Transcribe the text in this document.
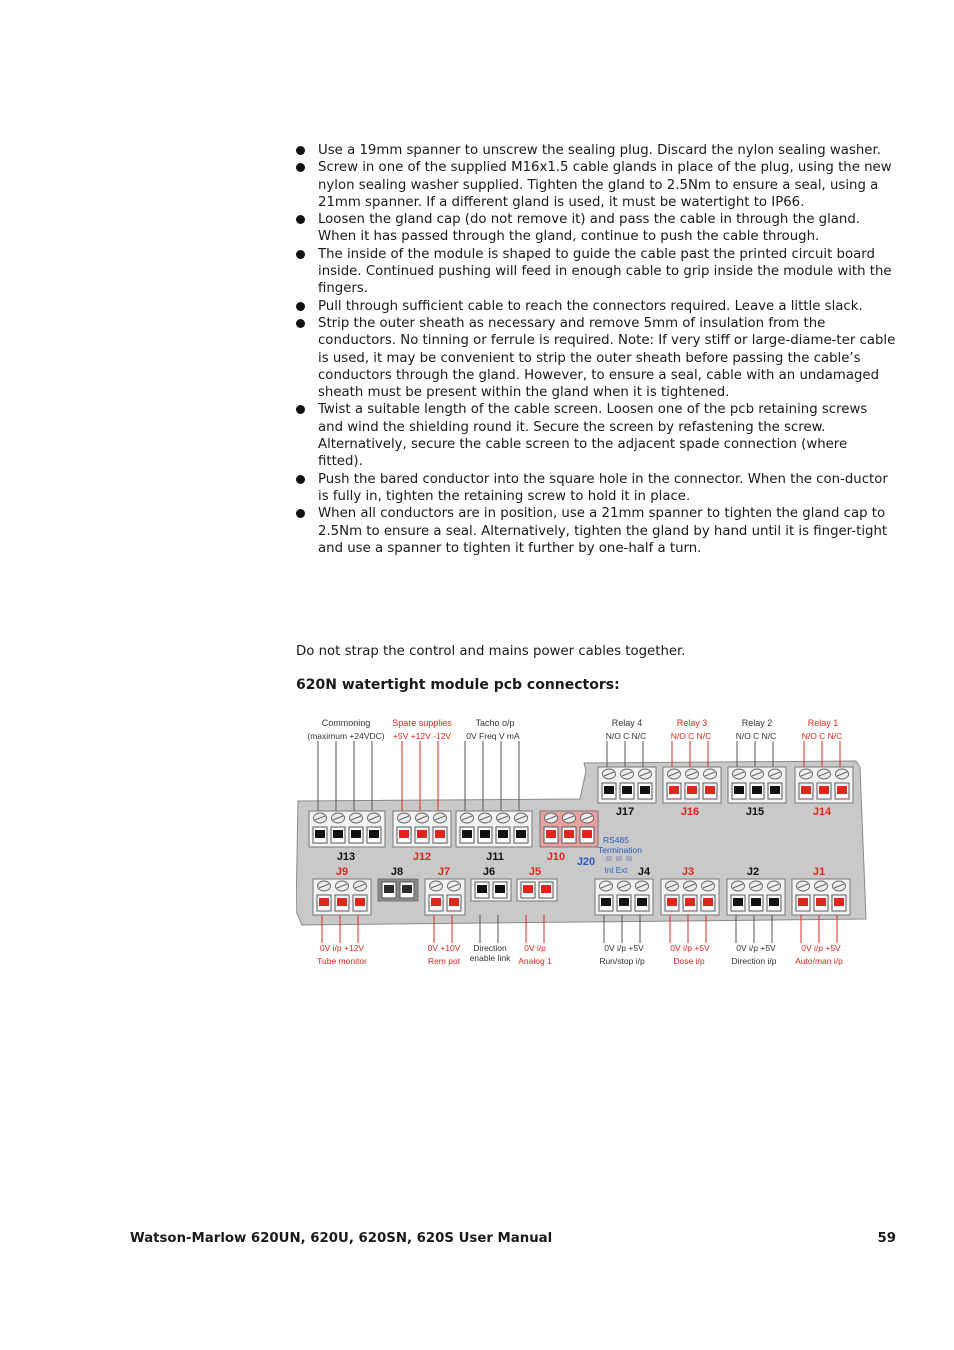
Use a 19mm spanner to unscrew the sealing plug. Discard the nylon sealing washer.
Screw in one of the supplied M16x1.5 cable glands in place of the plug, using the new nylon sealing washer supplied. Tighten the gland to 2.5Nm to ensure a seal, using a 21mm spanner. If a different gland is used, it must be watertight to IP66.
Loosen the gland cap (do not remove it) and pass the cable in through the gland. When it has passed through the gland, continue to push the cable through.
The inside of the module is shaped to guide the cable past the printed circuit board inside. Continued pushing will feed in enough cable to grip inside the module with the fingers.
Pull through sufficient cable to reach the connectors required. Leave a little slack.
Strip the outer sheath as necessary and remove 5mm of insulation from the conductors. No tinning or ferrule is required. Note: If very stiff or large-diame-ter cable is used, it may be convenient to strip the outer sheath before passing the cable’s conductors through the gland. However, to ensure a seal, cable with an undamaged sheath must be present within the gland when it is tightened.
Twist a suitable length of the cable screen. Loosen one of the pcb retaining screws and wind the shielding round it. Secure the screen by refastening the screw. Alternatively, secure the cable screen to the adjacent spade connection (where fitted).
Push the bared conductor into the square hole in the connector. When the con-ductor is fully in, tighten the retaining screw to hold it in place.
When all conductors are in position, use a 21mm spanner to tighten the gland cap to 2.5Nm to ensure a seal. Alternatively, tighten the gland by hand until it is finger-tight and use a spanner to tighten it further by one-half a turn.

Do not strap the control and mains power cables together.

620N watertight module pcb connectors:

Commoning
(maximum +24VDC)
Spare supplies
+5V +12V -12V
Tacho o/p
0V Freq V mA
Relay 4
N/O C N/C
Relay 3
N/O C N/C
Relay 2
N/O C N/C
Relay 1
N/O C N/C
J17	J16	J15	J14
J13	J12	J11	J10 J20
J9	J8	J7	J6	J5	J4	J3	J2	J1
RS485
Termination
Int Ext
0V i/p +12V
Tube monitor
0V +10V
Rem pot
Direction
enable link
0V i/p
Analog 1
0V i/p +5V
Run/stop i/p
0V i/p +5V
Dose i/p
0V i/p +5V
Direction i/p
0V i/p +5V
Auto/man i/p
Watson-Marlow 620UN, 620U, 620SN, 620S User Manual	59
